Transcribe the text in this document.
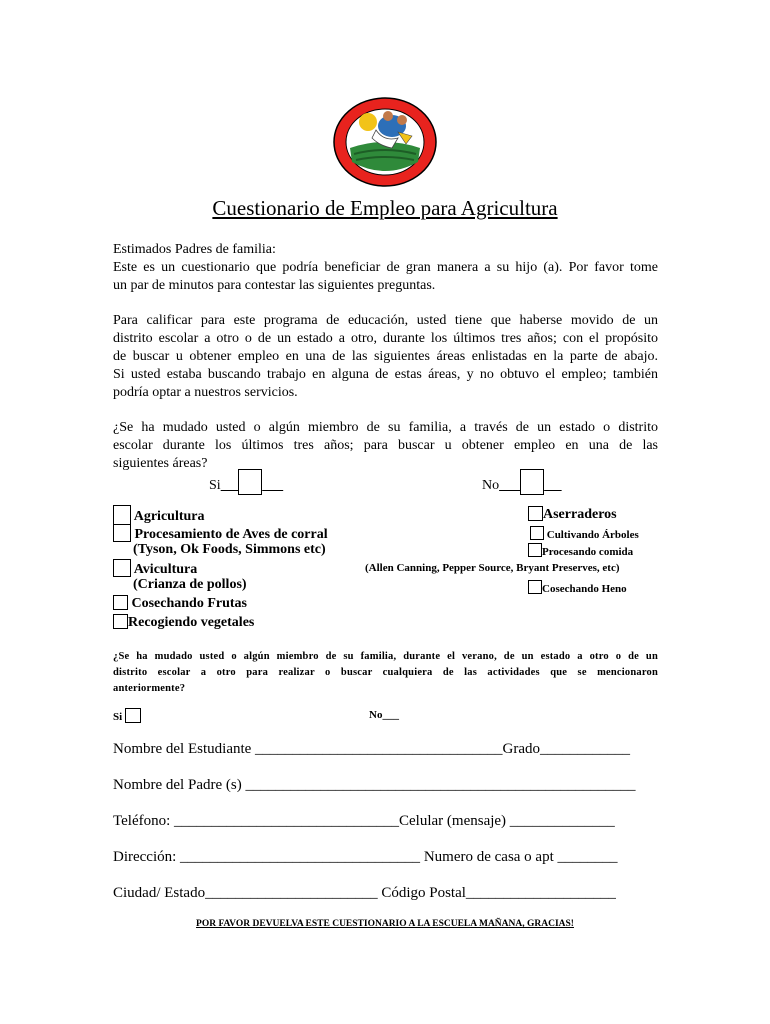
Cuestionario de Empleo para Agricultura
Estimados Padres de familia:
Este es un cuestionario que podría beneficiar de gran manera a su hijo (a). Por favor tome
un par de minutos para contestar las siguientes preguntas.
Para calificar para este programa de educación, usted tiene que haberse movido de un
distrito escolar a otro o de un estado a otro, durante los últimos tres años; con el propósito
de buscar u obtener empleo en una de las siguientes áreas enlistadas en la parte de abajo.
Si usted estaba buscando trabajo en alguna de estas áreas, y no obtuvo el empleo; también
podría optar a nuestros servicios.
¿Se ha mudado usted o algún miembro de su familia, a través de un estado o distrito
escolar durante los últimos tres años; para buscar u obtener empleo en una de las
siguientes áreas?
Si	No
Agricultura
Procesamiento de Aves de corral
(Tyson, Ok Foods, Simmons etc)
Avicultura
(Crianza de pollos)
Cosechando Frutas
Recogiendo vegetales
Aserraderos
Cultivando Árboles
Procesando comida
(Allen Canning, Pepper Source, Bryant Preserves, etc)
Cosechando Heno
¿Se ha mudado usted o algún miembro de su familia, durante el verano, de un estado a otro o de un
distrito escolar a otro para realizar o buscar cualquiera de las actividades que se mencionaron
anteriormente?
Si	No___
Nombre del Estudiante _________________________________Grado____________
Nombre del Padre (s) ____________________________________________________
Teléfono: ______________________________Celular (mensaje) ______________
Dirección: ________________________________ Numero de casa o apt ________
Ciudad/ Estado_______________________ Código Postal____________________
POR FAVOR DEVUELVA ESTE CUESTIONARIO A LA ESCUELA MAÑANA, GRACIAS!
